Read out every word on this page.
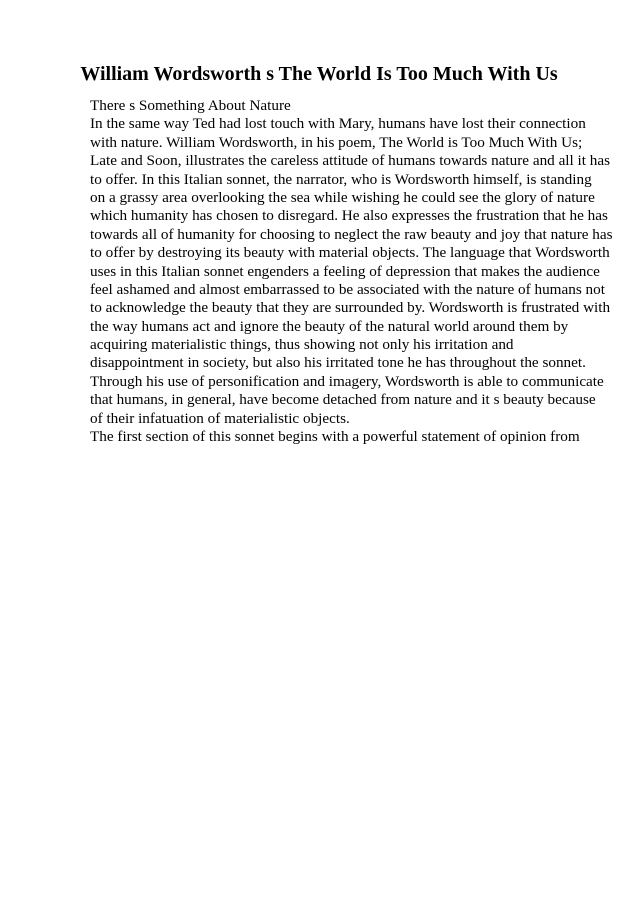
William Wordsworth s The World Is Too Much With Us
There s Something About Nature
In the same way Ted had lost touch with Mary, humans have lost their connection
with nature. William Wordsworth, in his poem, The World is Too Much With Us;
Late and Soon, illustrates the careless attitude of humans towards nature and all it has
to offer. In this Italian sonnet, the narrator, who is Wordsworth himself, is standing
on a grassy area overlooking the sea while wishing he could see the glory of nature
which humanity has chosen to disregard. He also expresses the frustration that he has
towards all of humanity for choosing to neglect the raw beauty and joy that nature has
to offer by destroying its beauty with material objects. The language that Wordsworth
uses in this Italian sonnet engenders a feeling of depression that makes the audience
feel ashamed and almost embarrassed to be associated with the nature of humans not
to acknowledge the beauty that they are surrounded by. Wordsworth is frustrated with
the way humans act and ignore the beauty of the natural world around them by
acquiring materialistic things, thus showing not only his irritation and
disappointment in society, but also his irritated tone he has throughout the sonnet.
Through his use of personification and imagery, Wordsworth is able to communicate
that humans, in general, have become detached from nature and it s beauty because
of their infatuation of materialistic objects.
The first section of this sonnet begins with a powerful statement of opinion from
